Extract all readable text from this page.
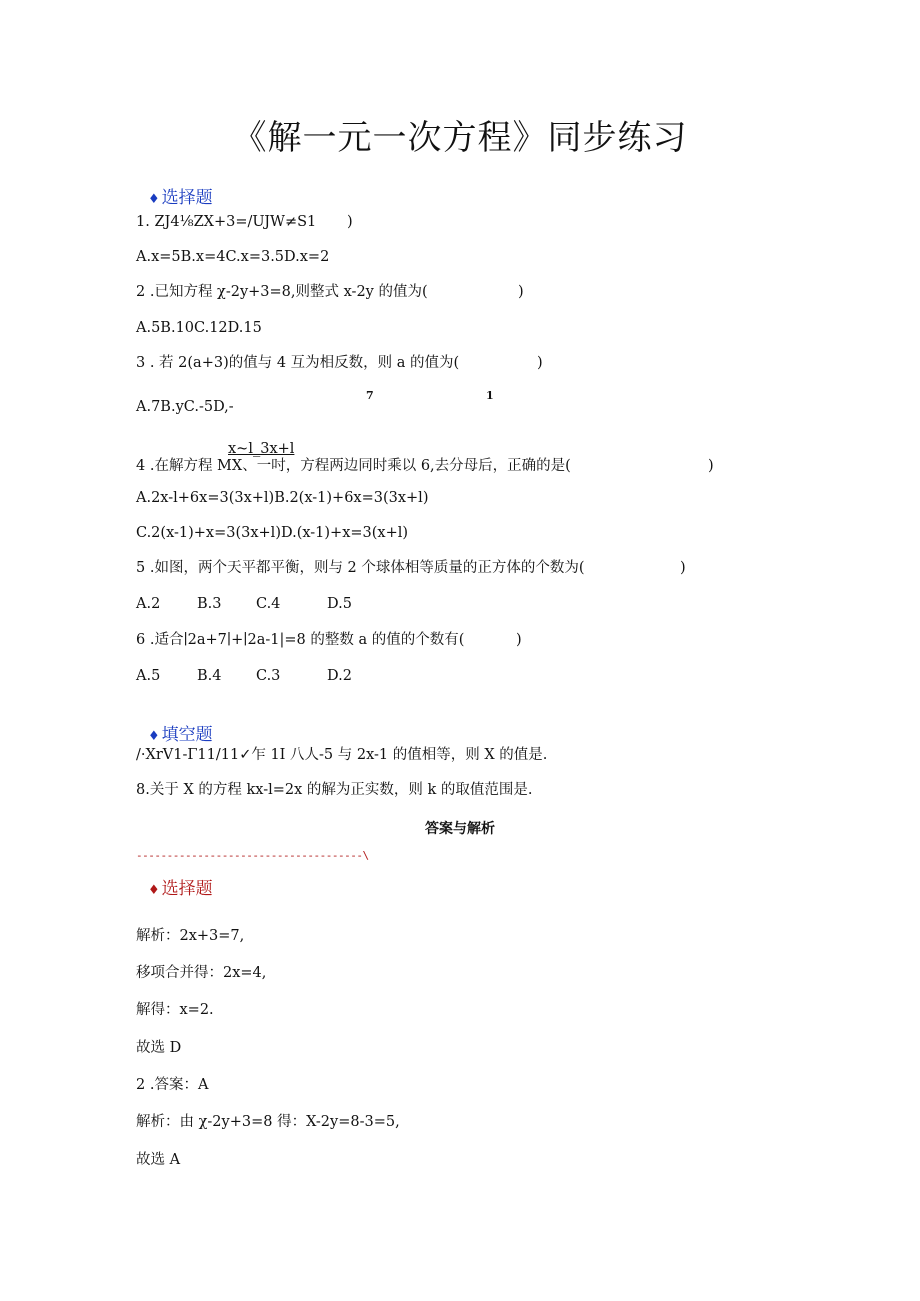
《解一元一次方程》同步练习
♦ 选择题
1. ZJ4⅛ZX+3=/UJW≠S1 )
A.x=5B.x=4C.x=3.5D.x=2
2 .已知方程 χ-2y+3=8,则整式 x-2y 的值为(	)
A.5B.10C.12D.15
3 . 若 2(a+3)的值与 4 互为相反数，则 a 的值为(	)
7	1
A.7B.yC.-5D,-
x~l_3x+l
4 .在解方程 MX、一吋，方程两边同时乘以 6,去分母后，正确的是(	)
A.2x-l+6x=3(3x+l)B.2(x-1)+6x=3(3x+l)
C.2(x-1)+x=3(3x+l)D.(x-1)+x=3(x+l)
5 .如图，两个天平都平衡，则与 2 个球体相等质量的正方体的个数为(	)
A.2	B.3 C.4	D.5
6 .适合∣2a+7∣+∣2a-1|=8 的整数 a 的值的个数有(	)
A.5	B.4 C.3	D.2
♦ 填空题
/·XrV1-Γ11/11✓乍 1I 八人-5 与 2x-1 的值相等，则 X 的值是.
8.关于 X 的方程 kx-l=2x 的解为正实数，则 k 的取值范围是.
答案与解析
-------------------------------------\
♦ 选择题
解析：2x+3=7,
移项合并得：2x=4,
解得：x=2.
故选 D
2 .答案：A
解析：由 χ-2y+3=8 得：X-2y=8-3=5,
故选 A
